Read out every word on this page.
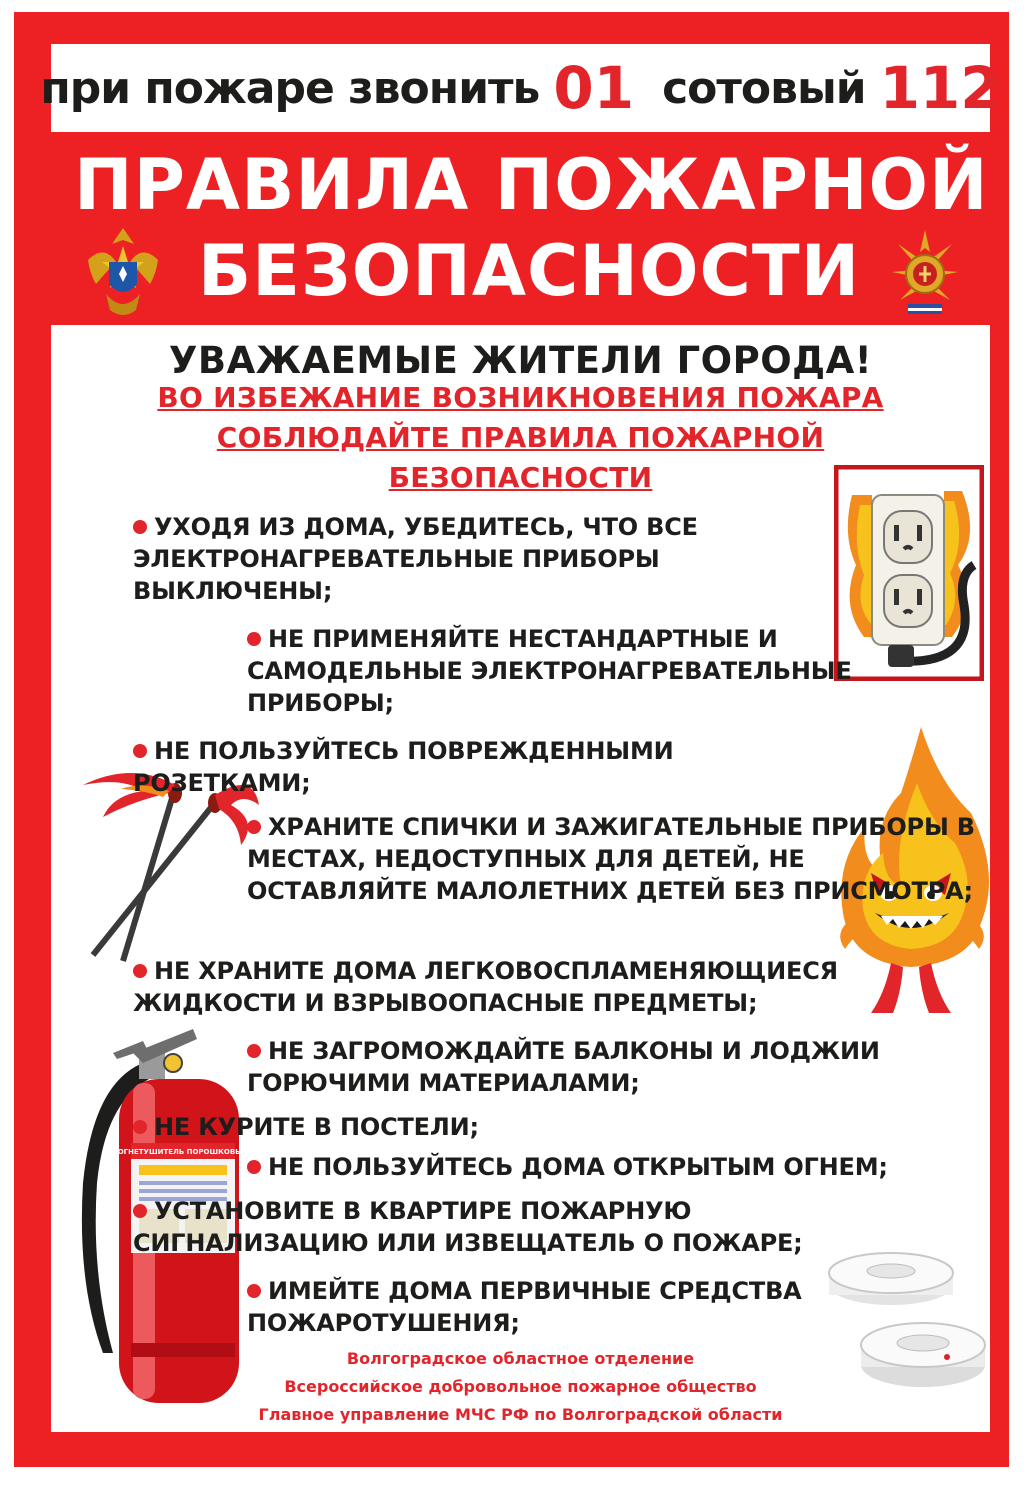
при пожаре звонить 01 сотовый 112
ПРАВИЛА ПОЖАРНОЙ
БЕЗОПАСНОСТИ
УВАЖАЕМЫЕ ЖИТЕЛИ ГОРОДА!
ВО ИЗБЕЖАНИЕ ВОЗНИКНОВЕНИЯ ПОЖАРА
СОБЛЮДАЙТЕ ПРАВИЛА ПОЖАРНОЙ
БЕЗОПАСНОСТИ
ОГНЕТУШИТЕЛЬ ПОРОШКОВЫЙ
УХОДЯ ИЗ ДОМА, УБЕДИТЕСЬ, ЧТО ВСЕ ЭЛЕКТРОНАГРЕВАТЕЛЬНЫЕ ПРИБОРЫ ВЫКЛЮЧЕНЫ;
НЕ ПРИМЕНЯЙТЕ НЕСТАНДАРТНЫЕ И САМОДЕЛЬНЫЕ ЭЛЕКТРОНАГРЕВАТЕЛЬНЫЕ ПРИБОРЫ;
НЕ ПОЛЬЗУЙТЕСЬ ПОВРЕЖДЕННЫМИ РОЗЕТКАМИ;
ХРАНИТЕ СПИЧКИ И ЗАЖИГАТЕЛЬНЫЕ ПРИБОРЫ В МЕСТАХ, НЕДОСТУПНЫХ ДЛЯ ДЕТЕЙ, НЕ ОСТАВЛЯЙТЕ МАЛОЛЕТНИХ ДЕТЕЙ БЕЗ ПРИСМОТРА;
НЕ ХРАНИТЕ ДОМА ЛЕГКОВОСПЛАМЕНЯЮЩИЕСЯ ЖИДКОСТИ И ВЗРЫВООПАСНЫЕ ПРЕДМЕТЫ;
НЕ ЗАГРОМОЖДАЙТЕ БАЛКОНЫ И ЛОДЖИИ ГОРЮЧИМИ МАТЕРИАЛАМИ;
НЕ КУРИТЕ В ПОСТЕЛИ;
НЕ ПОЛЬЗУЙТЕСЬ ДОМА ОТКРЫТЫМ ОГНЕМ;
УСТАНОВИТЕ В КВАРТИРЕ ПОЖАРНУЮ СИГНАЛИЗАЦИЮ ИЛИ ИЗВЕЩАТЕЛЬ О ПОЖАРЕ;
ИМЕЙТЕ ДОМА ПЕРВИЧНЫЕ СРЕДСТВА ПОЖАРОТУШЕНИЯ;
Волгоградское областное отделение
Всероссийское добровольное пожарное общество
Главное управление МЧС РФ по Волгоградской области
